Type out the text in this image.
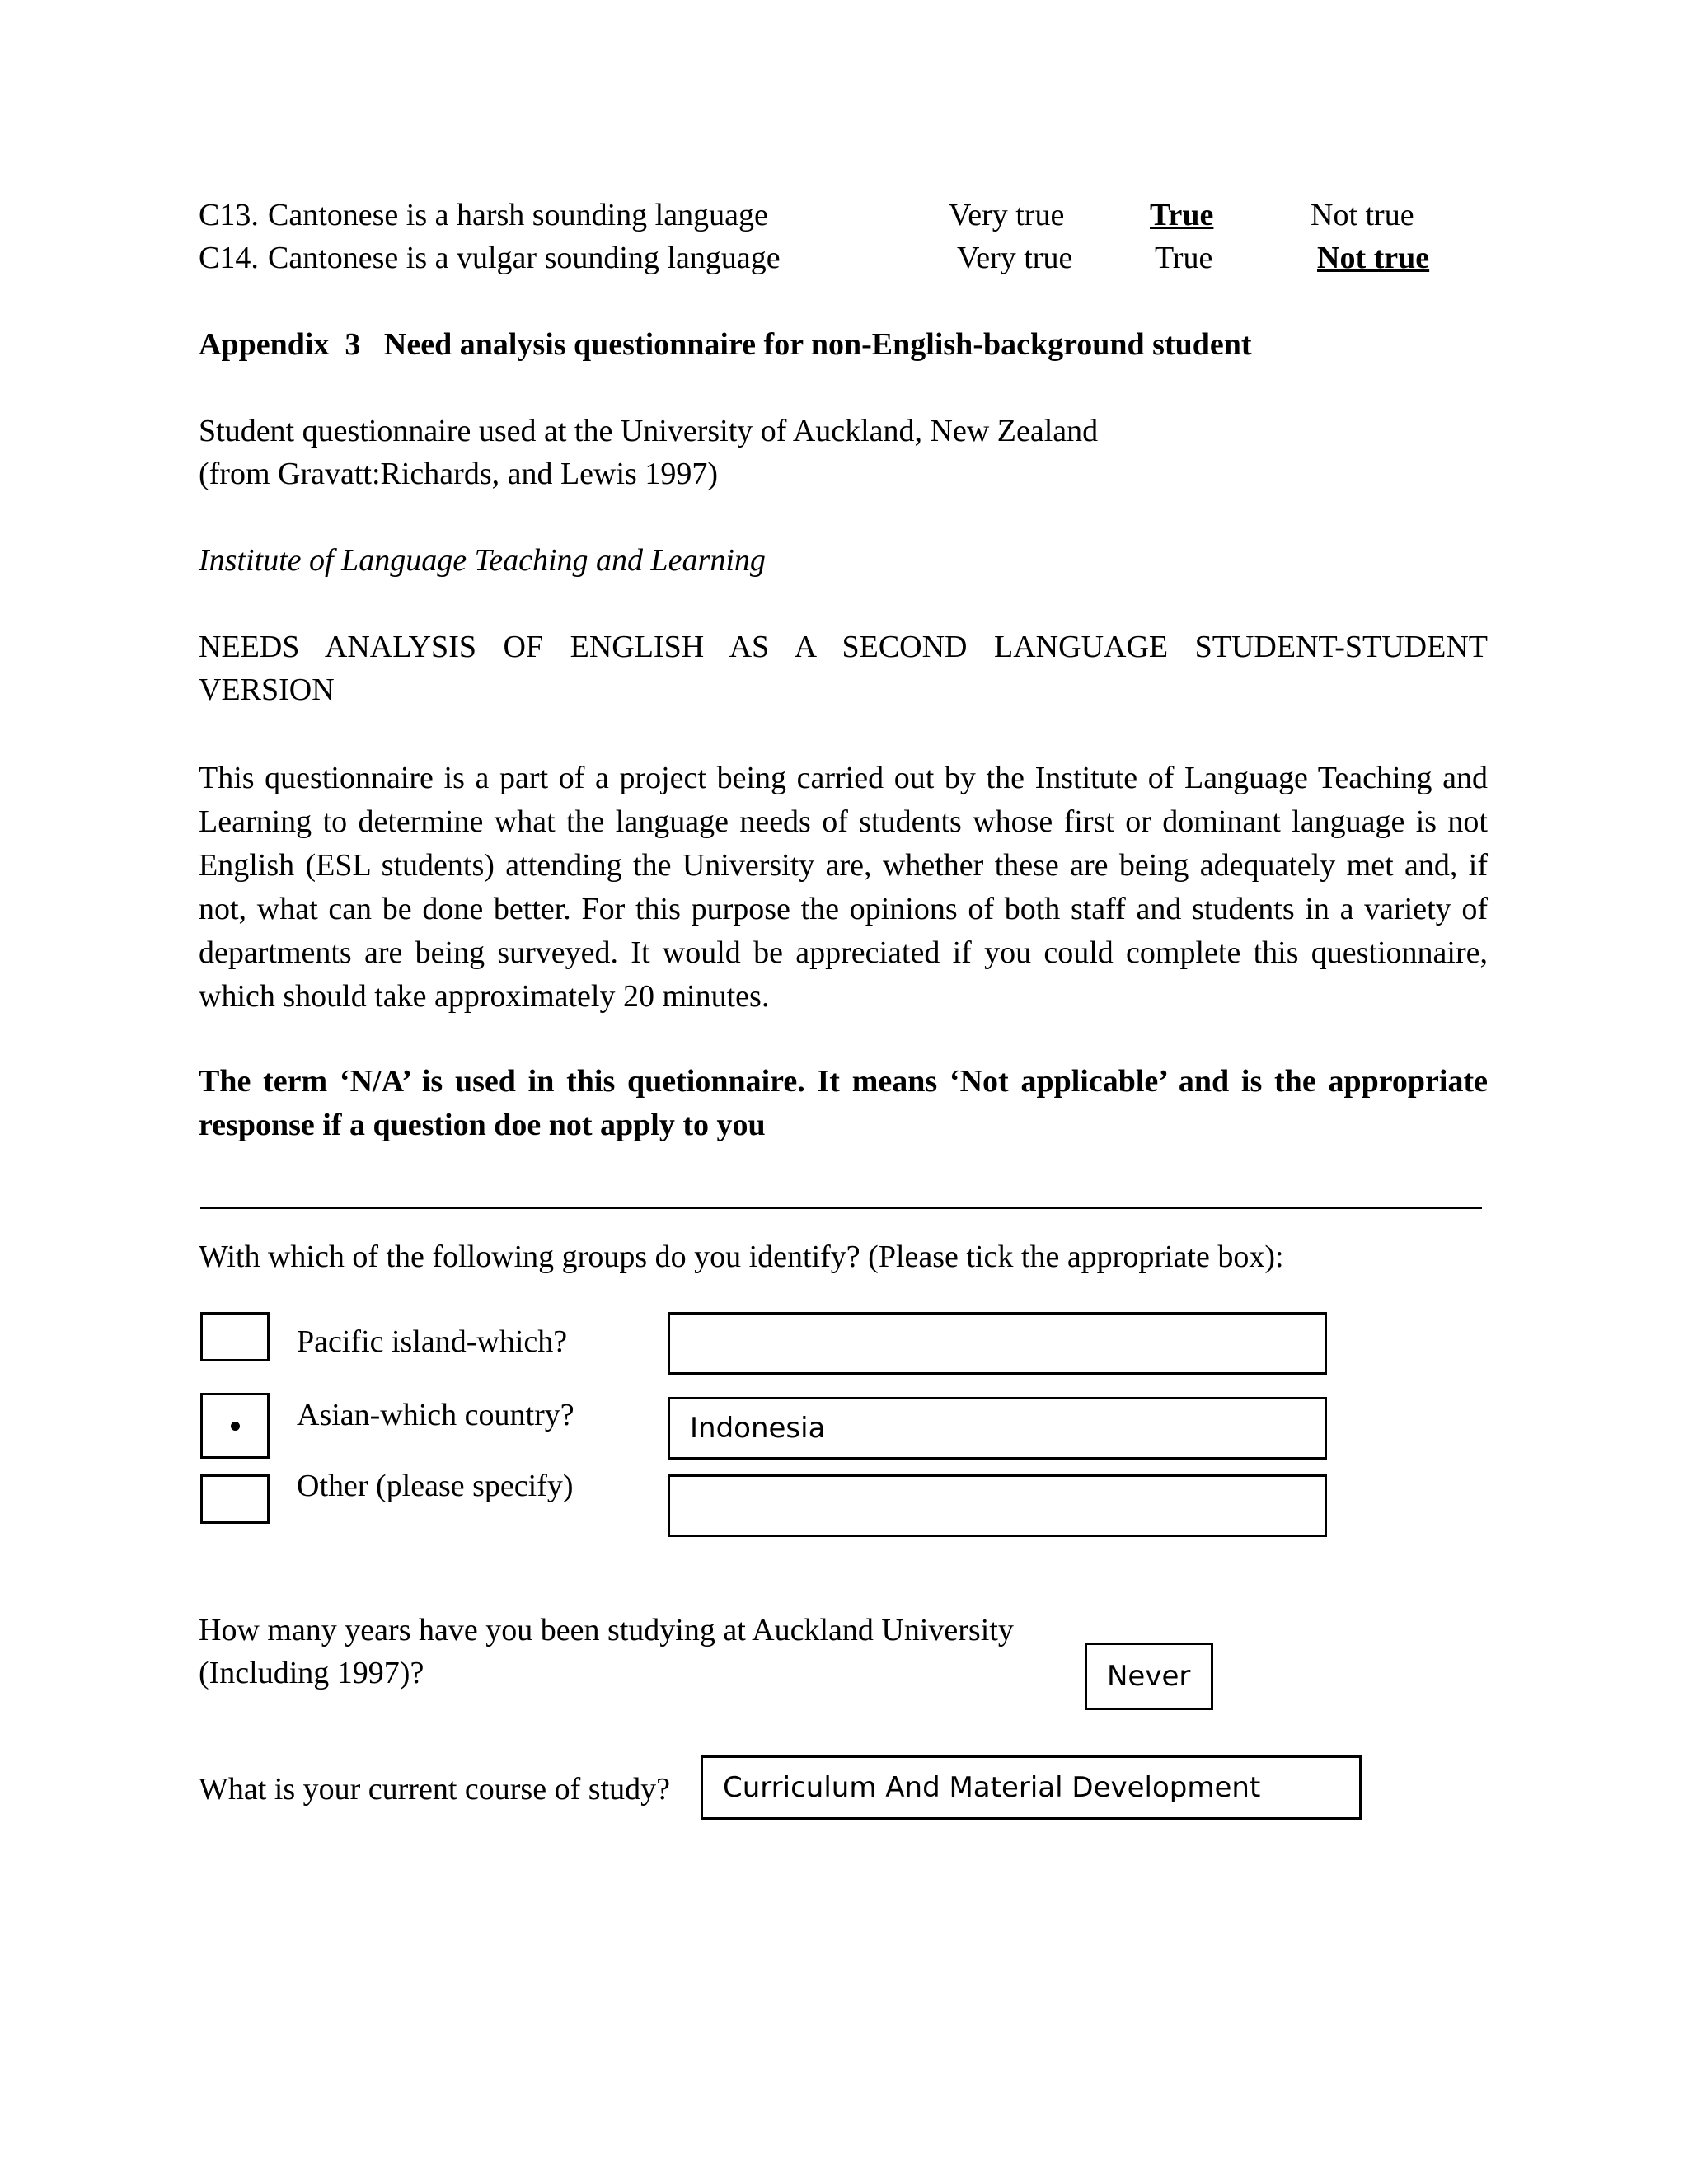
C13. Cantonese is a harsh sounding language	Very true	True	Not true
C14. Cantonese is a vulgar sounding language	Very true	True	Not true
Appendix  3   Need analysis questionnaire for non-English-background student
Student questionnaire used at the University of Auckland, New Zealand
(from Gravatt:Richards, and Lewis 1997)
Institute of Language Teaching and Learning
NEEDS ANALYSIS OF ENGLISH AS A SECOND LANGUAGE STUDENT-STUDENT VERSION
This questionnaire is a part of a project being carried out by the Institute of Language Teaching and Learning to determine what the language needs of students whose first or dominant language is not English (ESL students) attending the University are, whether these are being adequately met and, if not, what can be done better. For this purpose the opinions of both staff and students in a variety of departments are being surveyed. It would be appreciated if you could complete this questionnaire, which should take approximately 20 minutes.
The term ‘N/A’ is used in this quetionnaire. It means ‘Not applicable’ and is the appropriate response if a question doe not apply to you
With which of the following groups do you identify? (Please tick the appropriate box):
Pacific island-which?
Asian-which country?	Indonesia
Other (please specify)
How many years have you been studying at Auckland University
(Including 1997)?	Never
What is your current course of study?	Curriculum And Material Development
